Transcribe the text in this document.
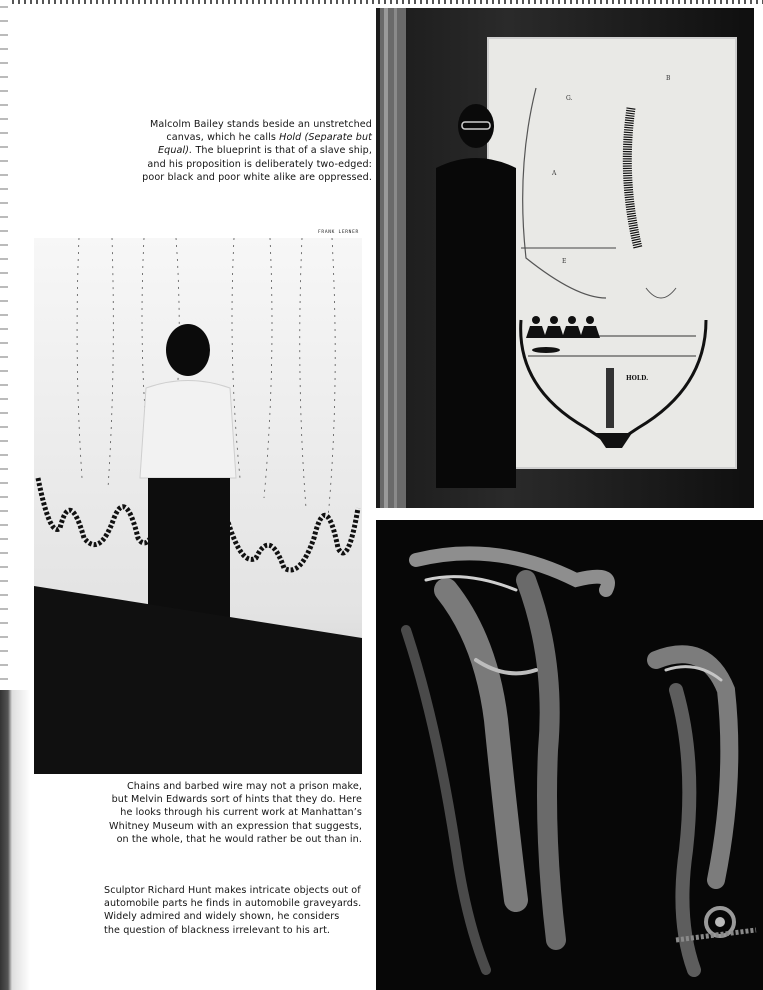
G.
A
E
B
HOLD.
Malcolm Bailey stands beside an unstretched
canvas, which he calls Hold (Separate but
Equal). The blueprint is that of a slave ship,
and his proposition is deliberately two-edged:
poor black and poor white alike are oppressed.
FRANK LERNER
Chains and barbed wire may not a prison make,
but Melvin Edwards sort of hints that they do. Here
he looks through his current work at Manhattan’s
Whitney Museum with an expression that suggests,
on the whole, that he would rather be out than in.
Sculptor Richard Hunt makes intricate objects out of
automobile parts he finds in automobile graveyards.
Widely admired and widely shown, he considers
the question of blackness irrelevant to his art.
